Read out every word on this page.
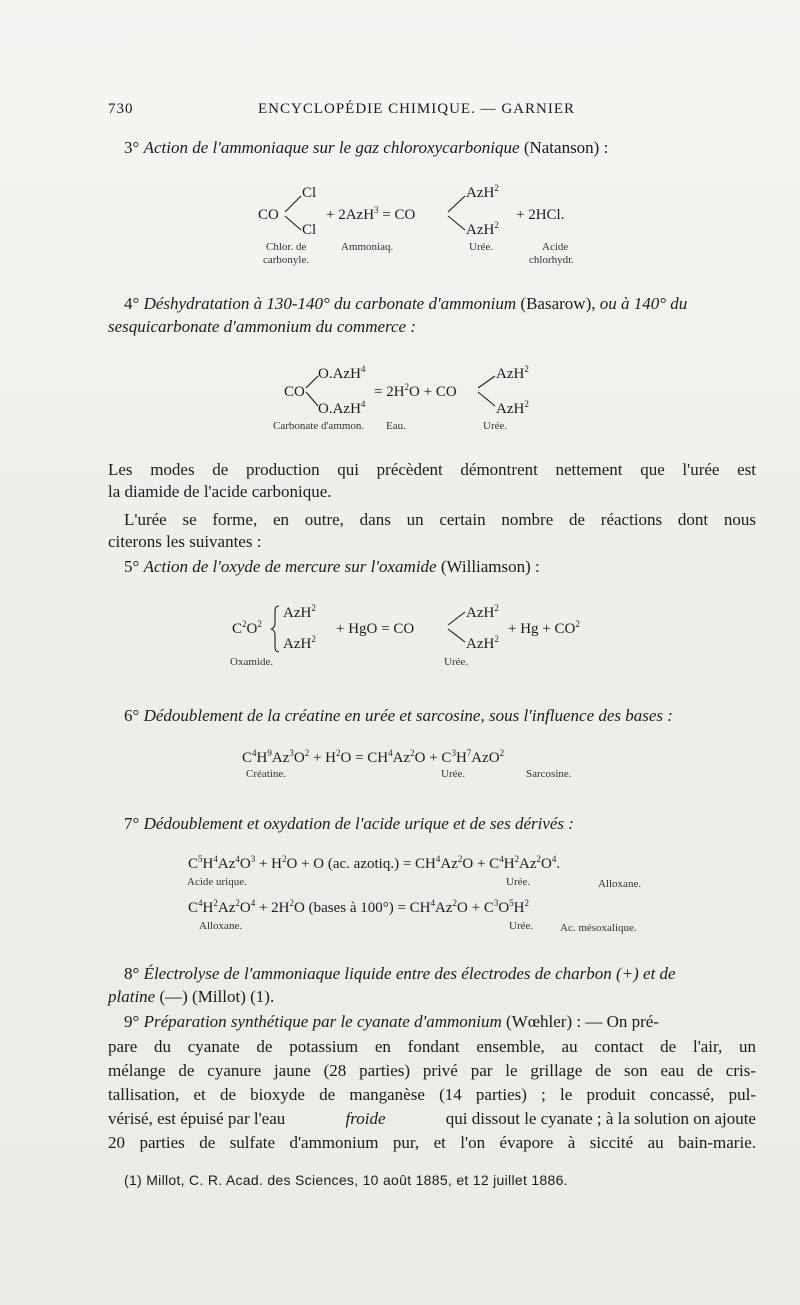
730	ENCYCLOPÉDIE CHIMIQUE. — GARNIER
3° Action de l'ammoniaque sur le gaz chloroxycarbonique (Natanson) :
CO
Cl
Cl
+ 2AzH$^3$ = CO
AzH$^2$
AzH$^2$
+ 2HCl.
Chlor. de
carbonyle.
Ammoniaq.	Urée.	Acide
chlorhydr.
4° Déshydratation à 130-140° du carbonate d'ammonium (Basarow), ou à 140° du
sesquicarbonate d'ammonium du commerce :
CO
O.AzH$^4$
O.AzH$^4$
= $2H^2O$ + CO
AzH$^2$
AzH$^2$
Carbonate d'ammon. Eau.	Urée.
Les modes de production qui précèdent démontrent nettement que l'urée est
la diamide de l'acide carbonique.
L'urée se forme, en outre, dans un certain nombre de réactions dont nous
citerons les suivantes :
5° Action de l'oxyde de mercure sur l'oxamide (Williamson) :
$C^2O^2$
AzH$^2$
AzH$^2$
+ HgO = CO
AzH$^2$
AzH$^2$
+ $Hg + CO^2$
Oxamide.	Urée.
6° Dédoublement de la créatine en urée et sarcosine, sous l'influence des bases :
$C^4H^9Az^3O^2 + H^2O = CH^4Az^2O + C^3H^7AzO^2$
Créatine.	Urée.	Sarcosine.
7° Dédoublement et oxydation de l'acide urique et de ses dérivés :
$C^5H^4Az^4O^3 + H^2O + O$ (ac. azotiq.) = $CH^4Az^2O + C^4H^2Az^2O^4$.
Acide urique.	Urée.	Alloxane.
$C^4H^2Az^2O^4 + 2H^2O$ (bases à $100^\circ) = CH^4Az^2O + C^3O^5H^2$
Alloxane.	Urée. Ac. mésoxalique.
8° Électrolyse de l'ammoniaque liquide entre des électrodes de charbon (+) et de
platine (—) (Millot) (1).
9° Préparation synthétique par le cyanate d'ammonium (Wœhler) : — On pré-
pare du cyanate de potassium en fondant ensemble, au contact de l'air, un
mélange de cyanure jaune (28 parties) privé par le grillage de son eau de cris-
tallisation, et de bioxyde de manganèse (14 parties) ; le produit concassé, pul-
vérisé, est épuisé par l'eau	froide	qui dissout le cyanate ; à la solution on ajoute
20 parties de sulfate d'ammonium pur, et l'on évapore à siccité au bain-marie.
(1) Millot, C. R. Acad. des Sciences, 10 août 1885, et 12 juillet 1886.
